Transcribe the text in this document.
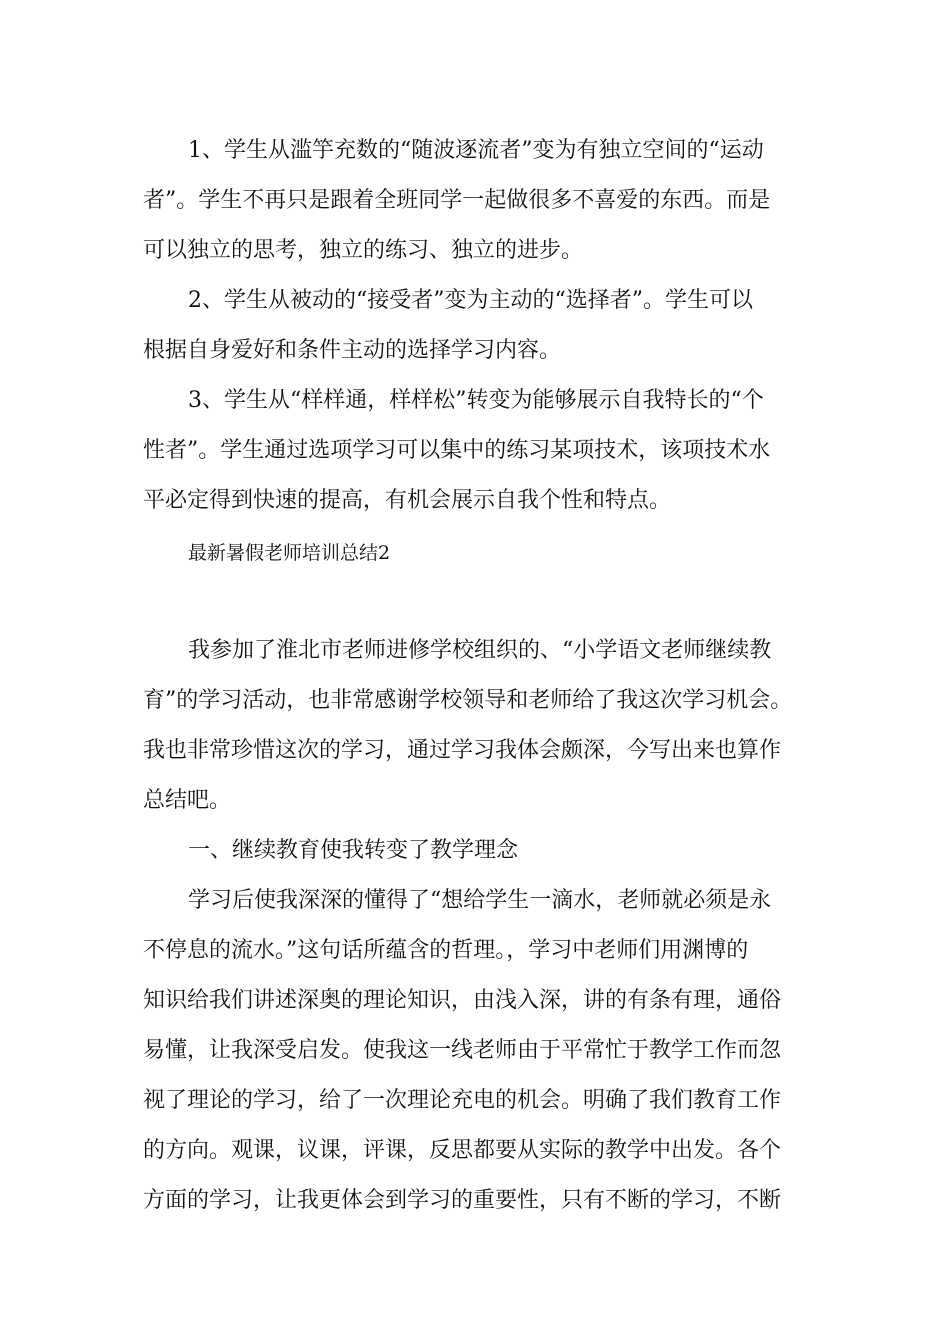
1、学生从滥竽充数的“随波逐流者”变为有独立空间的“运动
者”。学生不再只是跟着全班同学一起做很多不喜爱的东西。而是
可以独立的思考，独立的练习、独立的进步。
2、学生从被动的“接受者”变为主动的“选择者”。学生可以
根据自身爱好和条件主动的选择学习内容。
3、学生从“样样通，样样松”转变为能够展示自我特长的“个
性者”。学生通过选项学习可以集中的练习某项技术，该项技术水
平必定得到快速的提高，有机会展示自我个性和特点。
最新暑假老师培训总结2
我参加了淮北市老师进修学校组织的、“小学语文老师继续教
育”的学习活动，也非常感谢学校领导和老师给了我这次学习机会。
我也非常珍惜这次的学习，通过学习我体会颇深，今写出来也算作
总结吧。
一、继续教育使我转变了教学理念
学习后使我深深的懂得了“想给学生一滴水，老师就必须是永
不停息的流水。”这句话所蕴含的哲理。，学习中老师们用渊博的
知识给我们讲述深奥的理论知识，由浅入深，讲的有条有理，通俗
易懂，让我深受启发。使我这一线老师由于平常忙于教学工作而忽
视了理论的学习，给了一次理论充电的机会。明确了我们教育工作
的方向。观课，议课，评课，反思都要从实际的教学中出发。各个
方面的学习，让我更体会到学习的重要性，只有不断的学习，不断
